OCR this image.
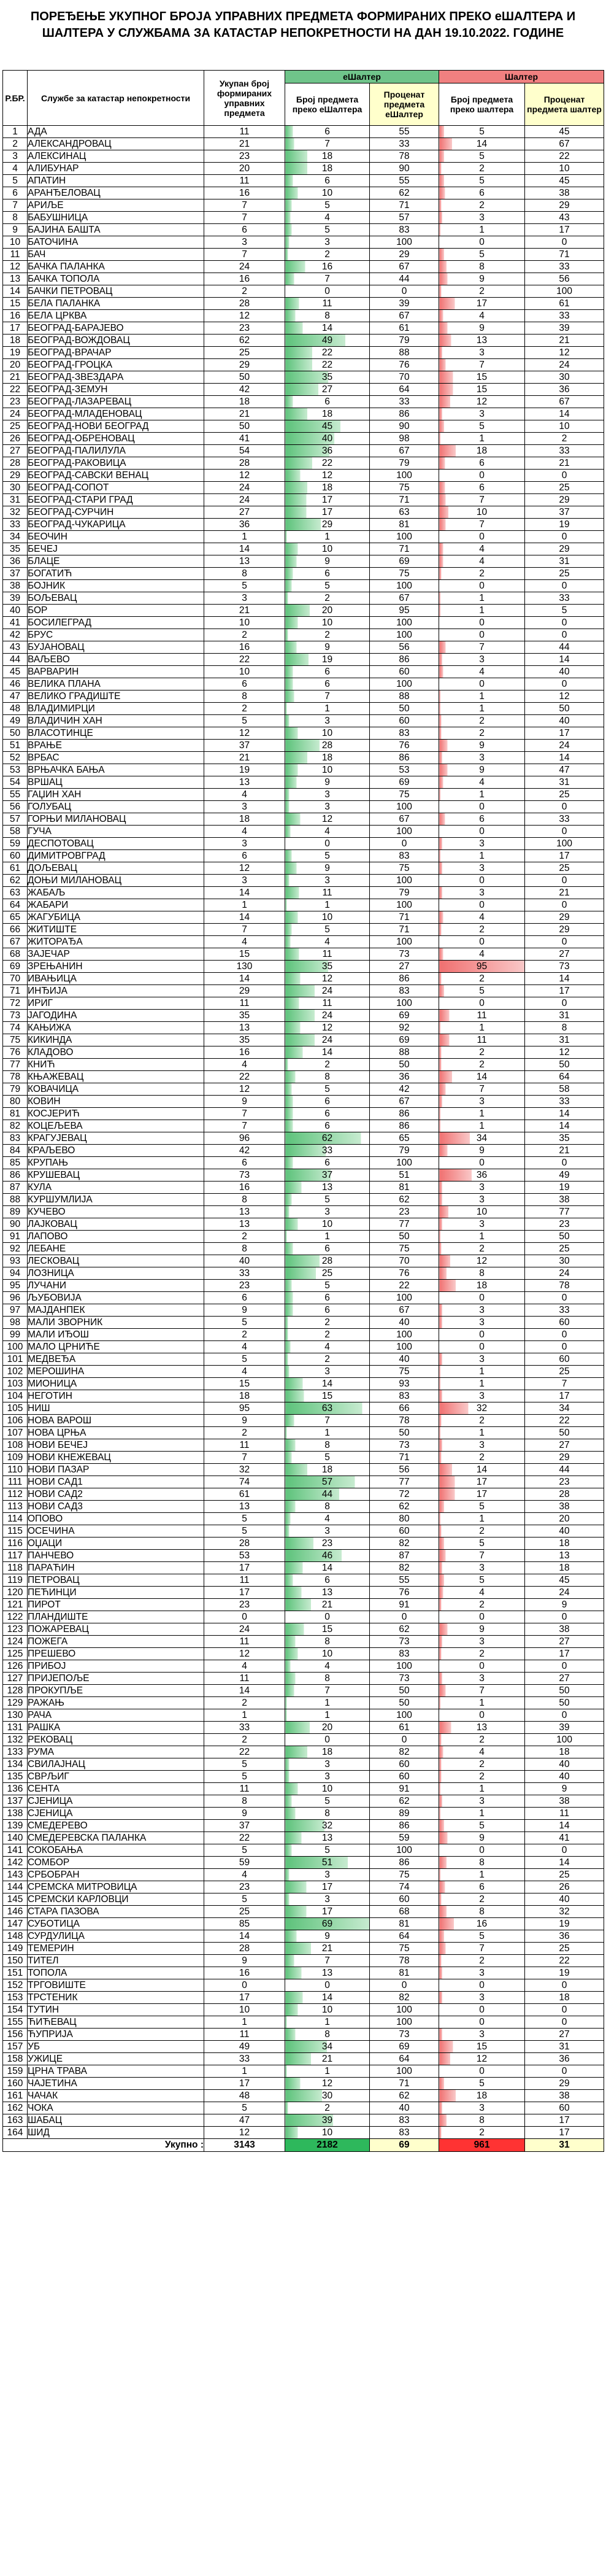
ПОРЕЂЕЊЕ УКУПНОГ БРОЈА УПРАВНИХ ПРЕДМЕТА ФОРМИРАНИХ ПРЕКО еШАЛТЕРА И
ШАЛТЕРА У СЛУЖБАМА ЗА КАТАСТАР НЕПОКРЕТНОСТИ НА ДАН 19.10.2022. ГОДИНЕ
Р.БР.	Службе за катастар непокретности	Укупан број формираних управних предмета	еШалтер		Шалтер	
			Број предмета преко еШалтера	Проценат предмета еШалтер	Број предмета преко шалтера	Проценат предмета шалтер
1	АДА	11	6	55	5	45
2	АЛЕКСАНДРОВАЦ	21	7	33	14	67
3	АЛЕКСИНАЦ	23	18	78	5	22
4	АЛИБУНАР	20	18	90	2	10
5	АПАТИН	11	6	55	5	45
6	АРАНЂЕЛОВАЦ	16	10	62	6	38
7	АРИЉЕ	7	5	71	2	29
8	БАБУШНИЦА	7	4	57	3	43
9	БАЈИНА БАШТА	6	5	83	1	17
10	БАТОЧИНА	3	3	100	0	0
11	БАЧ	7	2	29	5	71
12	БАЧКА ПАЛАНКА	24	16	67	8	33
13	БАЧКА ТОПОЛА	16	7	44	9	56
14	БАЧКИ ПЕТРОВАЦ	2	0	0	2	100
15	БЕЛА ПАЛАНКА	28	11	39	17	61
16	БЕЛА ЦРКВА	12	8	67	4	33
17	БЕОГРАД-БАРАЈЕВО	23	14	61	9	39
18	БЕОГРАД-ВОЖДОВАЦ	62	49	79	13	21
19	БЕОГРАД-ВРАЧАР	25	22	88	3	12
20	БЕОГРАД-ГРОЦКА	29	22	76	7	24
21	БЕОГРАД-ЗВЕЗДАРА	50	35	70	15	30
22	БЕОГРАД-ЗЕМУН	42	27	64	15	36
23	БЕОГРАД-ЛАЗАРЕВАЦ	18	6	33	12	67
24	БЕОГРАД-МЛАДЕНОВАЦ	21	18	86	3	14
25	БЕОГРАД-НОВИ БЕОГРАД	50	45	90	5	10
26	БЕОГРАД-ОБРЕНОВАЦ	41	40	98	1	2
27	БЕОГРАД-ПАЛИЛУЛА	54	36	67	18	33
28	БЕОГРАД-РАКОВИЦА	28	22	79	6	21
29	БЕОГРАД-САВСКИ ВЕНАЦ	12	12	100	0	0
30	БЕОГРАД-СОПОТ	24	18	75	6	25
31	БЕОГРАД-СТАРИ ГРАД	24	17	71	7	29
32	БЕОГРАД-СУРЧИН	27	17	63	10	37
33	БЕОГРАД-ЧУКАРИЦА	36	29	81	7	19
34	БЕОЧИН	1	1	100	0	0
35	БЕЧЕЈ	14	10	71	4	29
36	БЛАЦЕ	13	9	69	4	31
37	БОГАТИЋ	8	6	75	2	25
38	БОЈНИК	5	5	100	0	0
39	БОЉЕВАЦ	3	2	67	1	33
40	БОР	21	20	95	1	5
41	БОСИЛЕГРАД	10	10	100	0	0
42	БРУС	2	2	100	0	0
43	БУЈАНОВАЦ	16	9	56	7	44
44	ВАЉЕВО	22	19	86	3	14
45	ВАРВАРИН	10	6	60	4	40
46	ВЕЛИКА ПЛАНА	6	6	100	0	0
47	ВЕЛИКО ГРАДИШТЕ	8	7	88	1	12
48	ВЛАДИМИРЦИ	2	1	50	1	50
49	ВЛАДИЧИН ХАН	5	3	60	2	40
50	ВЛАСОТИНЦЕ	12	10	83	2	17
51	ВРАЊЕ	37	28	76	9	24
52	ВРБАС	21	18	86	3	14
53	ВРЊАЧКА БАЊА	19	10	53	9	47
54	ВРШАЦ	13	9	69	4	31
55	ГАЏИН ХАН	4	3	75	1	25
56	ГОЛУБАЦ	3	3	100	0	0
57	ГОРЊИ МИЛАНОВАЦ	18	12	67	6	33
58	ГУЧА	4	4	100	0	0
59	ДЕСПОТОВАЦ	3	0	0	3	100
60	ДИМИТРОВГРАД	6	5	83	1	17
61	ДОЉЕВАЦ	12	9	75	3	25
62	ДОЊИ МИЛАНОВАЦ	3	3	100	0	0
63	ЖАБАЉ	14	11	79	3	21
64	ЖАБАРИ	1	1	100	0	0
65	ЖАГУБИЦА	14	10	71	4	29
66	ЖИТИШТЕ	7	5	71	2	29
67	ЖИТОРАЂА	4	4	100	0	0
68	ЗАЈЕЧАР	15	11	73	4	27
69	ЗРЕЊАНИН	130	35	27	95	73
70	ИВАЊИЦА	14	12	86	2	14
71	ИНЂИЈА	29	24	83	5	17
72	ИРИГ	11	11	100	0	0
73	ЈАГОДИНА	35	24	69	11	31
74	КАЊИЖА	13	12	92	1	8
75	КИКИНДА	35	24	69	11	31
76	КЛАДОВО	16	14	88	2	12
77	КНИЋ	4	2	50	2	50
78	КЊАЖЕВАЦ	22	8	36	14	64
79	КОВАЧИЦА	12	5	42	7	58
80	КОВИН	9	6	67	3	33
81	КОСЈЕРИЋ	7	6	86	1	14
82	КОЦЕЉЕВА	7	6	86	1	14
83	КРАГУЈЕВАЦ	96	62	65	34	35
84	КРАЉЕВО	42	33	79	9	21
85	КРУПАЊ	6	6	100	0	0
86	КРУШЕВАЦ	73	37	51	36	49
87	КУЛА	16	13	81	3	19
88	КУРШУМЛИЈА	8	5	62	3	38
89	КУЧЕВО	13	3	23	10	77
90	ЛАЈКОВАЦ	13	10	77	3	23
91	ЛАПОВО	2	1	50	1	50
92	ЛЕБАНЕ	8	6	75	2	25
93	ЛЕСКОВАЦ	40	28	70	12	30
94	ЛОЗНИЦА	33	25	76	8	24
95	ЛУЧАНИ	23	5	22	18	78
96	ЉУБОВИЈА	6	6	100	0	0
97	МАЈДАНПЕК	9	6	67	3	33
98	МАЛИ ЗВОРНИК	5	2	40	3	60
99	МАЛИ ИЂОШ	2	2	100	0	0
100	МАЛО ЦРНИЋЕ	4	4	100	0	0
101	МЕДВЕЂА	5	2	40	3	60
102	МЕРОШИНА	4	3	75	1	25
103	МИОНИЦА	15	14	93	1	7
104	НЕГОТИН	18	15	83	3	17
105	НИШ	95	63	66	32	34
106	НОВА ВАРОШ	9	7	78	2	22
107	НОВА ЦРЊА	2	1	50	1	50
108	НОВИ БЕЧЕЈ	11	8	73	3	27
109	НОВИ КНЕЖЕВАЦ	7	5	71	2	29
110	НОВИ ПАЗАР	32	18	56	14	44
111	НОВИ САД1	74	57	77	17	23
112	НОВИ САД2	61	44	72	17	28
113	НОВИ САД3	13	8	62	5	38
114	ОПОВО	5	4	80	1	20
115	ОСЕЧИНА	5	3	60	2	40
116	ОЏАЦИ	28	23	82	5	18
117	ПАНЧЕВО	53	46	87	7	13
118	ПАРАЋИН	17	14	82	3	18
119	ПЕТРОВАЦ	11	6	55	5	45
120	ПЕЋИНЦИ	17	13	76	4	24
121	ПИРОТ	23	21	91	2	9
122	ПЛАНДИШТЕ	0	0	0	0	0
123	ПОЖАРЕВАЦ	24	15	62	9	38
124	ПОЖЕГА	11	8	73	3	27
125	ПРЕШЕВО	12	10	83	2	17
126	ПРИБОЈ	4	4	100	0	0
127	ПРИЈЕПОЉЕ	11	8	73	3	27
128	ПРОКУПЉЕ	14	7	50	7	50
129	РАЖАЊ	2	1	50	1	50
130	РАЧА	1	1	100	0	0
131	РАШКА	33	20	61	13	39
132	РЕКОВАЦ	2	0	0	2	100
133	РУМА	22	18	82	4	18
134	СВИЛАЈНАЦ	5	3	60	2	40
135	СВРЉИГ	5	3	60	2	40
136	СЕНТА	11	10	91	1	9
137	СЈЕНИЦА	8	5	62	3	38
138	СЈЕНИЦА	9	8	89	1	11
139	СМЕДЕРЕВО	37	32	86	5	14
140	СМЕДЕРЕВСКА ПАЛАНКА	22	13	59	9	41
141	СОКОБАЊА	5	5	100	0	0
142	СОМБОР	59	51	86	8	14
143	СРБОБРАН	4	3	75	1	25
144	СРЕМСКА МИТРОВИЦА	23	17	74	6	26
145	СРЕМСКИ КАРЛОВЦИ	5	3	60	2	40
146	СТАРА ПАЗОВА	25	17	68	8	32
147	СУБОТИЦА	85	69	81	16	19
148	СУРДУЛИЦА	14	9	64	5	36
149	ТЕМЕРИН	28	21	75	7	25
150	ТИТЕЛ	9	7	78	2	22
151	ТОПОЛА	16	13	81	3	19
152	ТРГОВИШТЕ	0	0	0	0	0
153	ТРСТЕНИК	17	14	82	3	18
154	ТУТИН	10	10	100	0	0
155	ЋИЋЕВАЦ	1	1	100	0	0
156	ЋУПРИЈА	11	8	73	3	27
157	УБ	49	34	69	15	31
158	УЖИЦЕ	33	21	64	12	36
159	ЦРНА ТРАВА	1	1	100	0	0
160	ЧАЈЕТИНА	17	12	71	5	29
161	ЧАЧАК	48	30	62	18	38
162	ЧОКА	5	2	40	3	60
163	ШАБАЦ	47	39	83	8	17
164	ШИД	12	10	83	2	17
Укупно :		3143	2182	69	961	31
